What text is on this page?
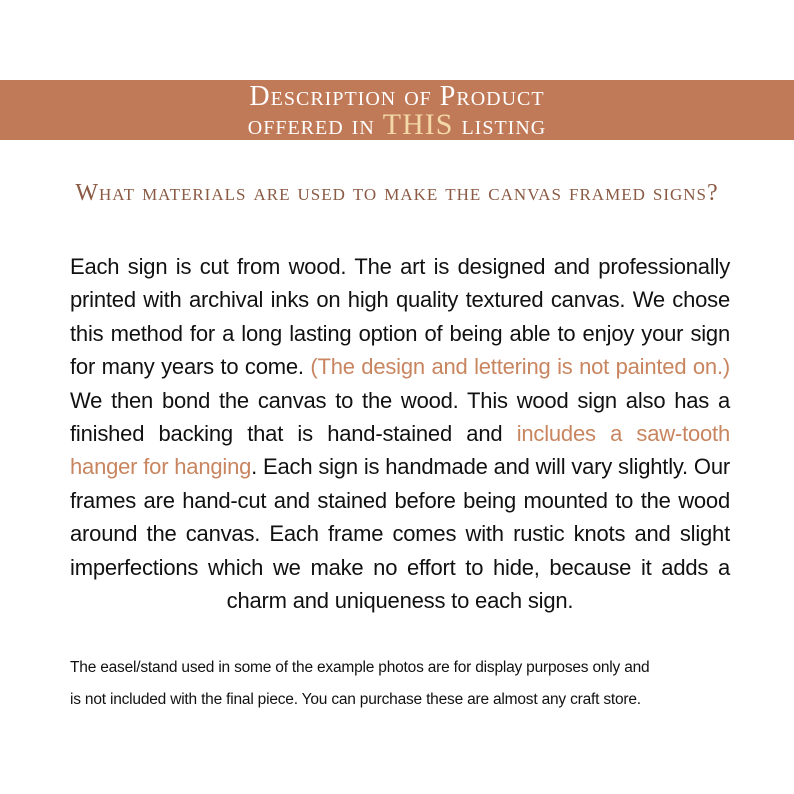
Description of Product
offered in THIS listing
What materials are used to make the canvas framed signs?
Each sign is cut from wood. The art is designed and professionally printed with archival inks on high quality textured canvas. We chose this method for a long lasting option of being able to enjoy your sign for many years to come. (The design and lettering is not painted on.) We then bond the canvas to the wood. This wood sign also has a finished backing that is hand-stained and includes a saw-tooth hanger for hanging. Each sign is handmade and will vary slightly. Our frames are hand-cut and stained before being mounted to the wood around the canvas. Each frame comes with rustic knots and slight imperfections which we make no effort to hide, because it adds a charm and uniqueness to each sign.
The easel/stand used in some of the example photos are for display purposes only and
is not included with the final piece. You can purchase these are almost any craft store.
